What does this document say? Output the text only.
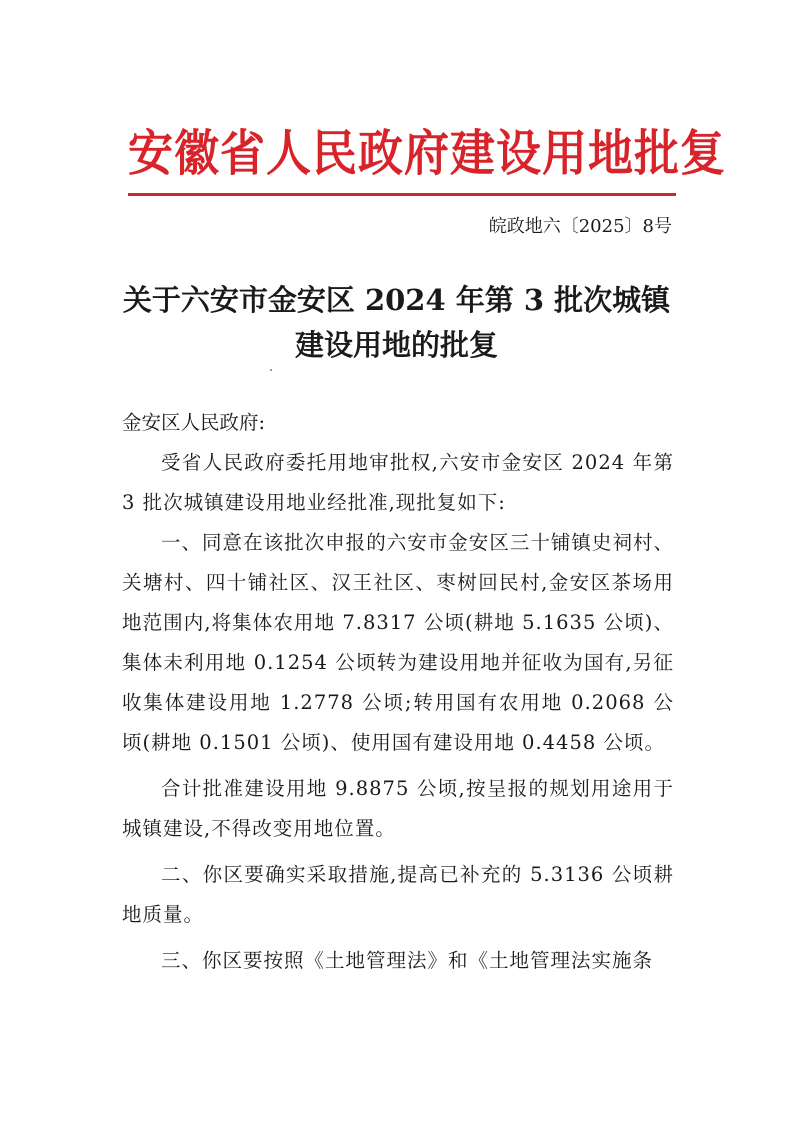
安徽省人民政府建设用地批复
皖政地六〔2025〕8号
关于六安市金安区 2024 年第 3 批次城镇
建设用地的批复
金安区人民政府:

受省人民政府委托用地审批权,六安市金安区 2024 年第 3 批次城镇建设用地业经批准,现批复如下:

一、同意在该批次申报的六安市金安区三十铺镇史祠村、关塘村、四十铺社区、汉王社区、枣树回民村,金安区茶场用地范围内,将集体农用地 7.8317 公顷(耕地 5.1635 公顷)、集体未利用地 0.1254 公顷转为建设用地并征收为国有,另征收集体建设用地 1.2778 公顷;转用国有农用地 0.2068 公顷(耕地 0.1501 公顷)、使用国有建设用地 0.4458 公顷。

合计批准建设用地 9.8875 公顷,按呈报的规划用途用于城镇建设,不得改变用地位置。

二、你区要确实采取措施,提高已补充的 5.3136 公顷耕地质量。

三、你区要按照《土地管理法》和《土地管理法实施条
